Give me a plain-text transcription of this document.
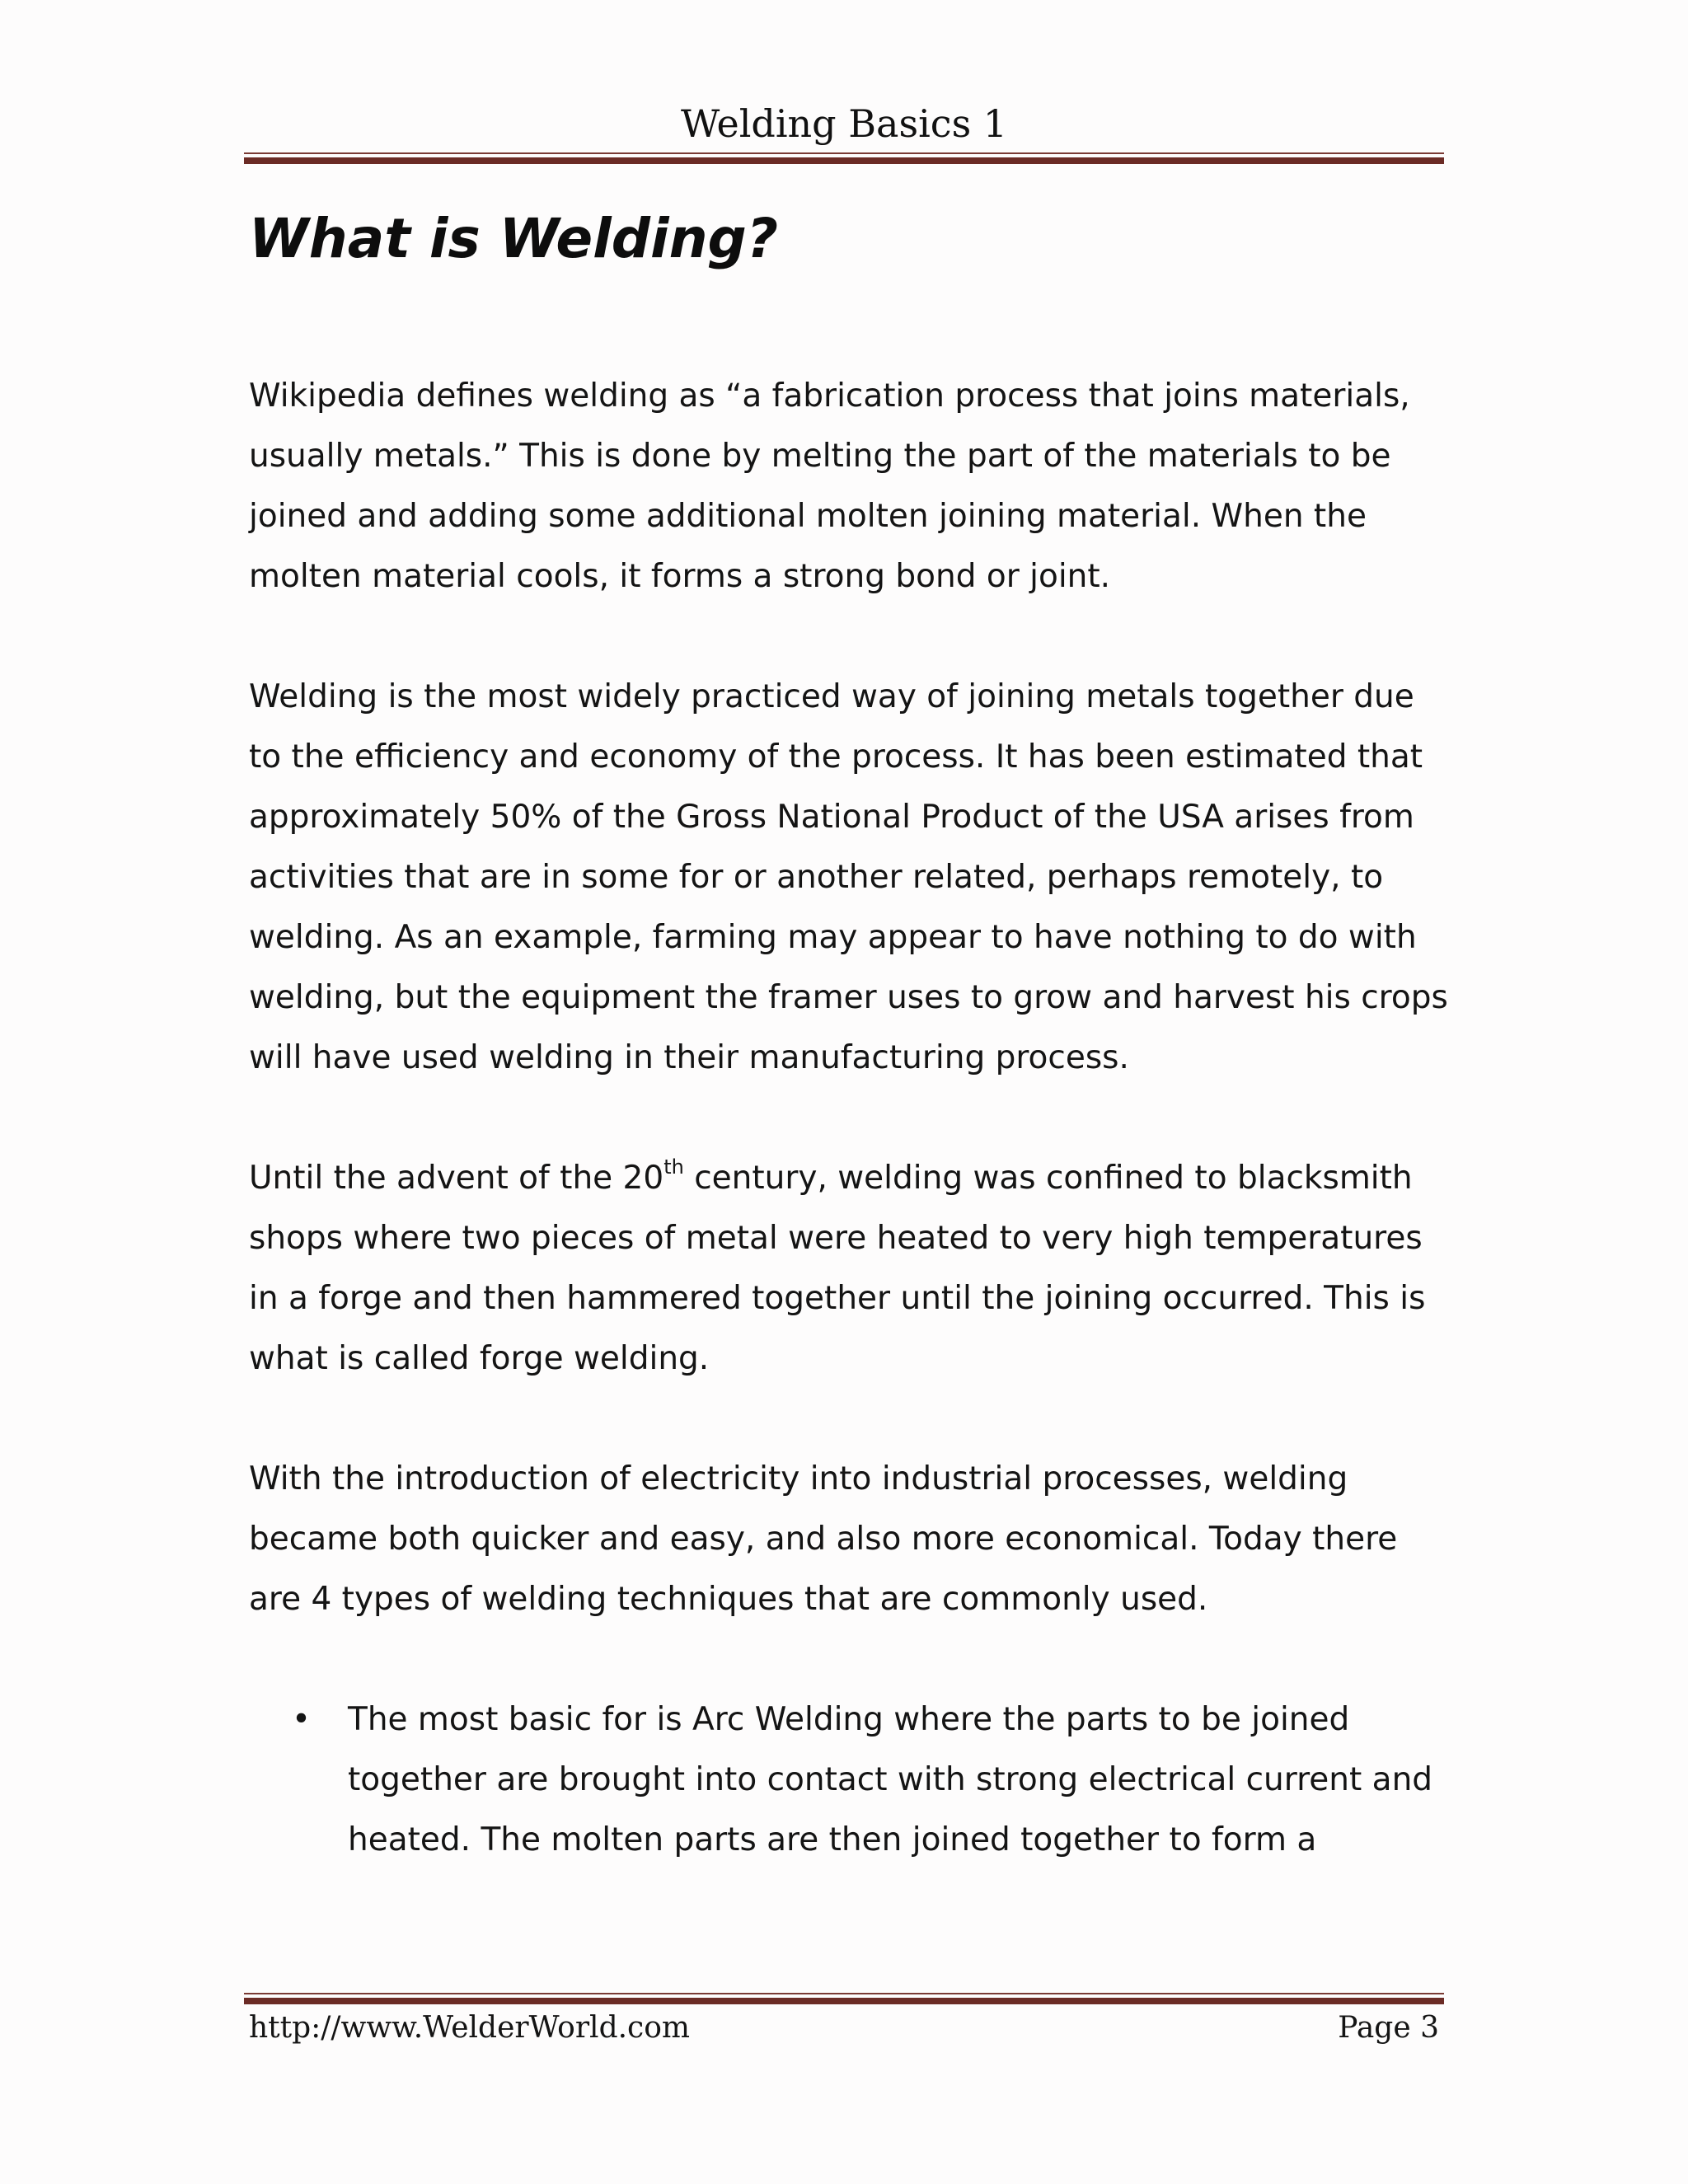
Welding Basics 1
What is Welding?

Wikipedia defines welding as “a fabrication process that joins materials, usually metals.” This is done by melting the part of the materials to be joined and adding some additional molten joining material. When the molten material cools, it forms a strong bond or joint.

Welding is the most widely practiced way of joining metals together due to the efficiency and economy of the process. It has been estimated that approximately 50% of the Gross National Product of the USA arises from activities that are in some for or another related, perhaps remotely, to welding. As an example, farming may appear to have nothing to do with welding, but the equipment the framer uses to grow and harvest his crops will have used welding in their manufacturing process.

Until the advent of the 20th century, welding was confined to blacksmith shops where two pieces of metal were heated to very high temperatures in a forge and then hammered together until the joining occurred. This is what is called forge welding.

With the introduction of electricity into industrial processes, welding became both quicker and easy, and also more economical. Today there are 4 types of welding techniques that are commonly used.

• The most basic for is Arc Welding where the parts to be joined together are brought into contact with strong electrical current and heated. The molten parts are then joined together to form a
http://www.WelderWorld.com	Page 3
